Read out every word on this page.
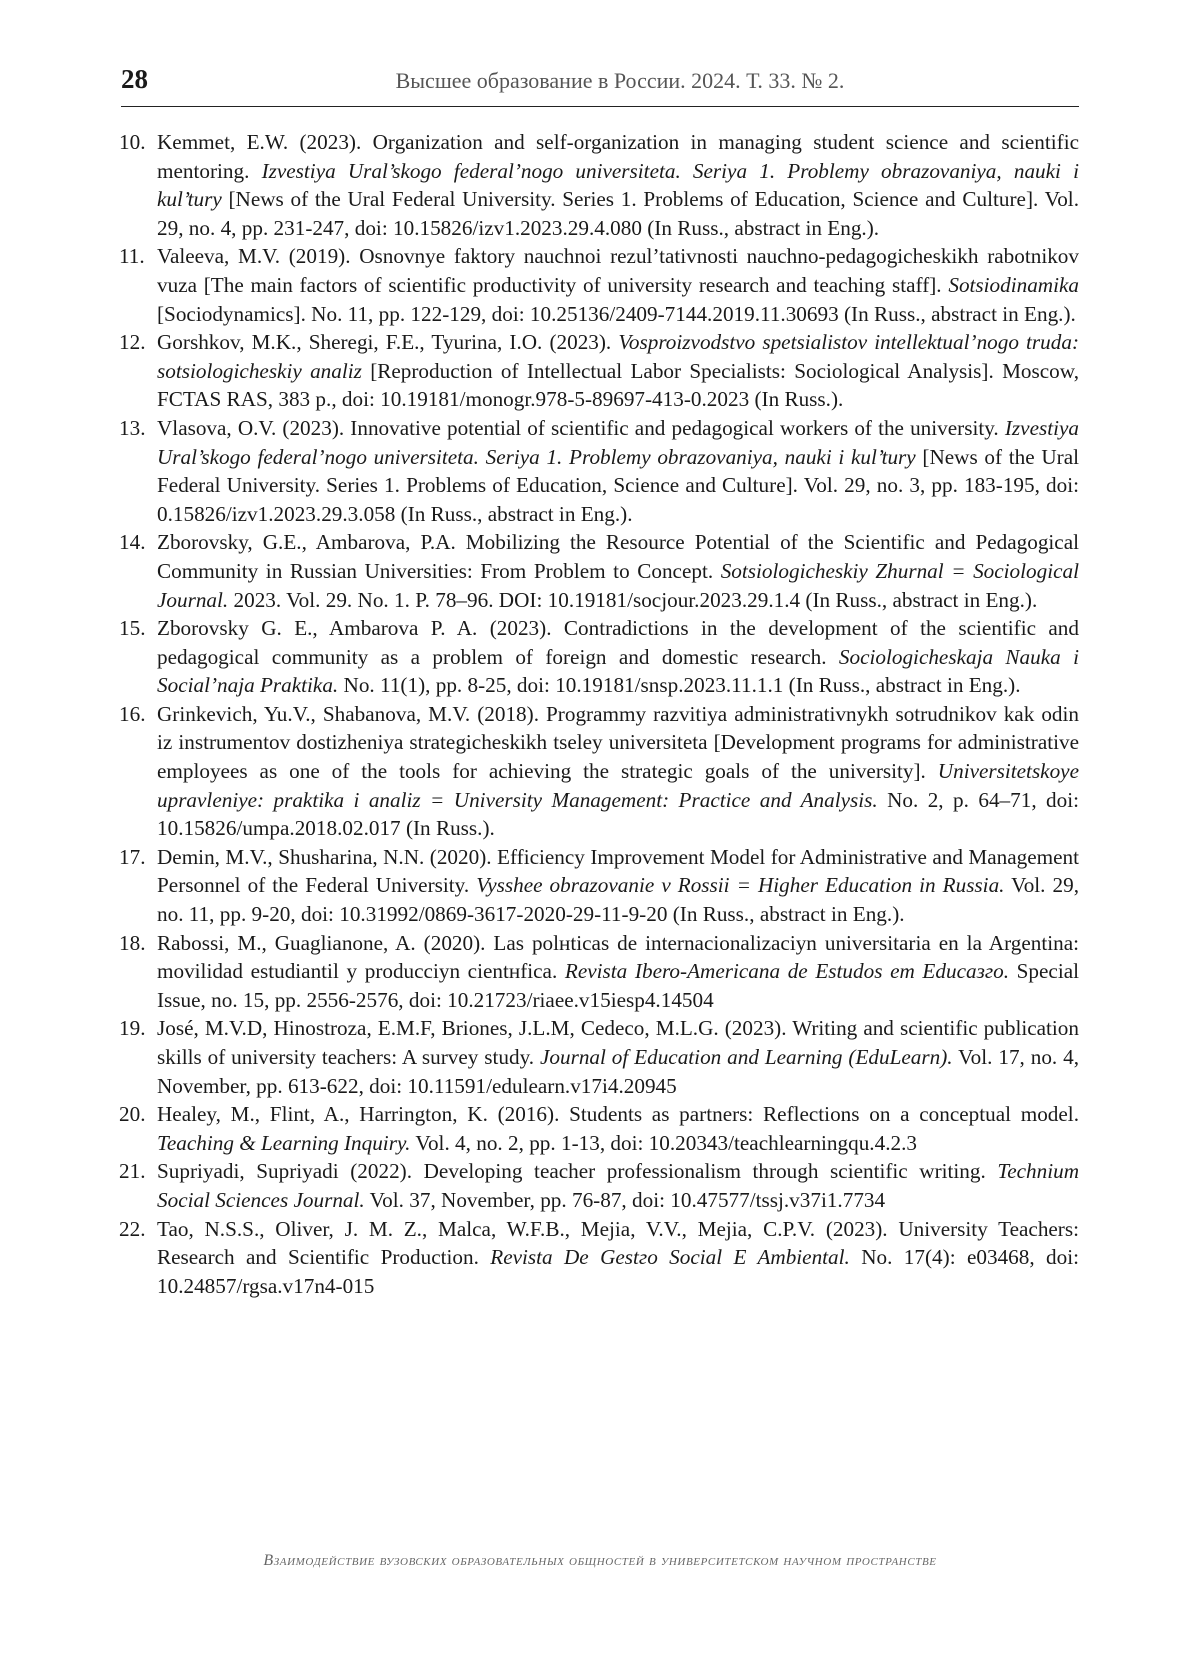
28	Высшее образование в России. 2024. Т. 33. № 2.
10. Kemmet, E.W. (2023). Organization and self-organization in managing student science and scientific mentoring. Izvestiya Ural’skogo federal’nogo universiteta. Seriya 1. Problemy obrazovaniya, nauki i kul’tury [News of the Ural Federal University. Series 1. Problems of Education, Science and Culture]. Vol. 29, no. 4, pp. 231-247, doi: 10.15826/izv1.2023.29.4.080 (In Russ., abstract in Eng.).
11. Valeeva, M.V. (2019). Osnovnye faktory nauchnoi rezul’tativnosti nauchno-pedagogicheskikh rabotnikov vuza [The main factors of scientific productivity of university research and teaching staff]. Sotsiodinamika [Sociodynamics]. No. 11, pp. 122-129, doi: 10.25136/2409-7144.2019.11.30693 (In Russ., abstract in Eng.).
12. Gorshkov, M.K., Sheregi, F.E., Tyurina, I.O. (2023). Vosproizvodstvo spetsialistov intellektual’nogo truda: sotsiologicheskiy analiz [Reproduction of Intellectual Labor Specialists: Sociological Analysis]. Moscow, FCTAS RAS, 383 p., doi: 10.19181/monogr.978-5-89697-413-0.2023 (In Russ.).
13. Vlasova, O.V. (2023). Innovative potential of scientific and pedagogical workers of the university. Izvestiya Ural’skogo federal’nogo universiteta. Seriya 1. Problemy obrazovaniya, nauki i kul’tury [News of the Ural Federal University. Series 1. Problems of Education, Science and Culture]. Vol. 29, no. 3, pp. 183-195, doi: 0.15826/izv1.2023.29.3.058 (In Russ., abstract in Eng.).
14. Zborovsky, G.E., Ambarova, P.A. Mobilizing the Resource Potential of the Scientific and Pedagogical Community in Russian Universities: From Problem to Concept. Sotsiologicheskiy Zhurnal = Sociological Journal. 2023. Vol. 29. No. 1. P. 78–96. DOI: 10.19181/socjour.2023.29.1.4 (In Russ., abstract in Eng.).
15. Zborovsky G. E., Ambarova P. A. (2023). Contradictions in the development of the scientific and pedagogical community as a problem of foreign and domestic research. Sociologicheskaja Nauka i Social’naja Praktika. No. 11(1), pp. 8-25, doi: 10.19181/snsp.2023.11.1.1 (In Russ., abstract in Eng.).
16. Grinkevich, Yu.V., Shabanova, M.V. (2018). Programmy razvitiya administrativnykh sotrudnikov kak odin iz instrumentov dostizheniya strategicheskikh tseley universiteta [Development programs for administrative employees as one of the tools for achieving the strategic goals of the university]. Universitetskoye upravleniye: praktika i analiz = University Management: Practice and Analysis. No. 2, p. 64–71, doi: 10.15826/umpa.2018.02.017 (In Russ.).
17. Demin, M.V., Shusharina, N.N. (2020). Efficiency Improvement Model for Administrative and Management Personnel of the Federal University. Vysshee obrazovanie v Rossii = Higher Education in Russia. Vol. 29, no. 11, pp. 9-20, doi: 10.31992/0869-3617-2020-29-11-9-20 (In Russ., abstract in Eng.).
18. Rabossi, M., Guaglianone, A. (2020). Las polнticas de internacionalizaciуn universitaria en la Argentina: movilidad estudiantil y producciуn cientнfica. Revista Ibero-Americana de Estudos em Educaзгo. Special Issue, no. 15, pp. 2556-2576, doi: 10.21723/riaee.v15iesp4.14504
19. José, M.V.D, Hinostroza, E.M.F, Briones, J.L.M, Cedeco, M.L.G. (2023). Writing and scientific publication skills of university teachers: A survey study. Journal of Education and Learning (EduLearn). Vol. 17, no. 4, November, pp. 613-622, doi: 10.11591/edulearn.v17i4.20945
20. Healey, M., Flint, A., Harrington, K. (2016). Students as partners: Reflections on a conceptual model. Teaching & Learning Inquiry. Vol. 4, no. 2, pp. 1-13, doi: 10.20343/teachlearningqu.4.2.3
21. Supriyadi, Supriyadi (2022). Developing teacher professionalism through scientific writing. Technium Social Sciences Journal. Vol. 37, November, pp. 76-87, doi: 10.47577/tssj.v37i1.7734
22. Tao, N.S.S., Oliver, J. M. Z., Malca, W.F.B., Mejia, V.V., Mejia, C.P.V. (2023). University Teachers: Research and Scientific Production. Revista De Gestгo Social E Ambiental. No. 17(4): e03468, doi: 10.24857/rgsa.v17n4-015
Взаимодействие вузовских образовательных общностей в университетском научном пространстве
